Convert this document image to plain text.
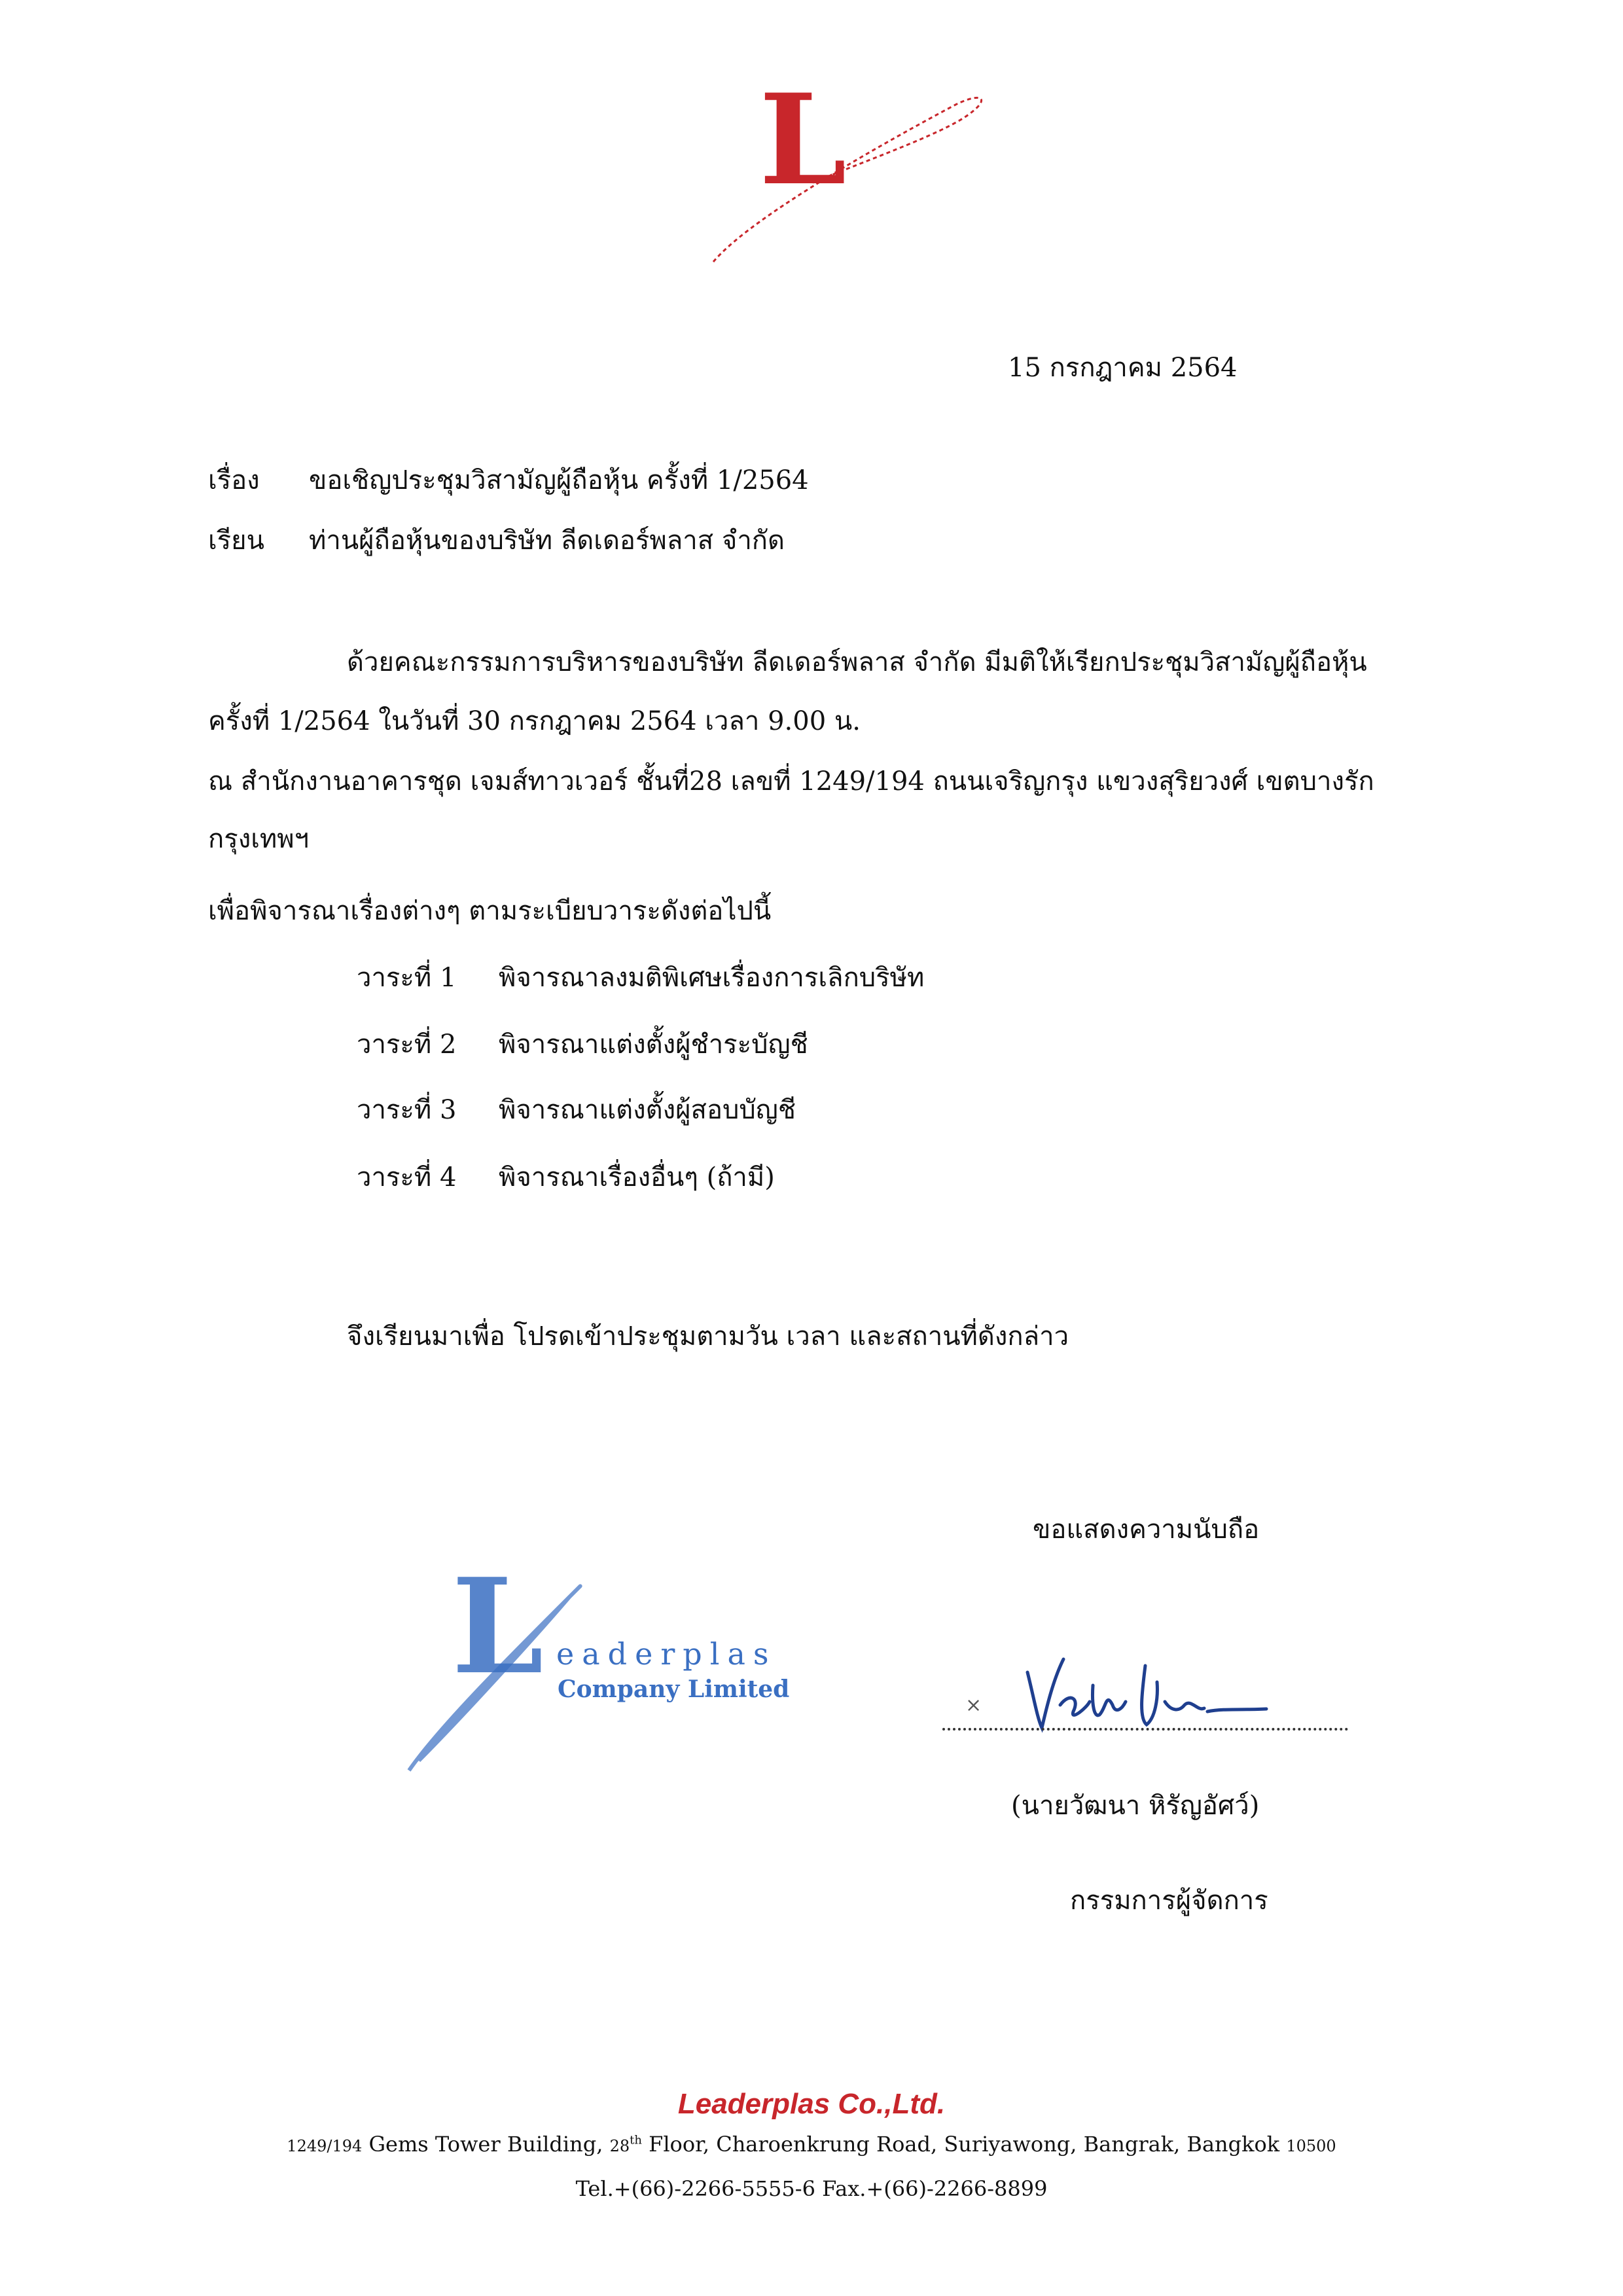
L
15 กรกฎาคม 2564
เรื่อง ขอเชิญประชุมวิสามัญผู้ถือหุ้น ครั้งที่ 1/2564
เรียน ท่านผู้ถือหุ้นของบริษัท ลีดเดอร์พลาส จำกัด
ด้วยคณะกรรมการบริหารของบริษัท ลีดเดอร์พลาส จำกัด มีมติให้เรียกประชุมวิสามัญผู้ถือหุ้น
ครั้งที่ 1/2564 ในวันที่ 30 กรกฎาคม 2564 เวลา 9.00 น.
ณ สำนักงานอาคารชุด เจมส์ทาวเวอร์ ชั้นที่28 เลขที่ 1249/194 ถนนเจริญกรุง แขวงสุริยวงศ์ เขตบางรัก
กรุงเทพฯ
เพื่อพิจารณาเรื่องต่างๆ ตามระเบียบวาระดังต่อไปนี้
วาระที่ 1 พิจารณาลงมติพิเศษเรื่องการเลิกบริษัท
วาระที่ 2 พิจารณาแต่งตั้งผู้ชำระบัญชี
วาระที่ 3 พิจารณาแต่งตั้งผู้สอบบัญชี
วาระที่ 4 พิจารณาเรื่องอื่นๆ (ถ้ามี)
จึงเรียนมาเพื่อ โปรดเข้าประชุมตามวัน เวลา และสถานที่ดังกล่าว
ขอแสดงความนับถือ
L eaderplas
Company Limited
×
(นายวัฒนา หิรัญอัศว์)
กรรมการผู้จัดการ
Leaderplas Co.,Ltd.
1249/194 Gems Tower Building, 28th Floor, Charoenkrung Road, Suriyawong, Bangrak, Bangkok 10500
Tel.+(66)-2266-5555-6 Fax.+(66)-2266-8899
